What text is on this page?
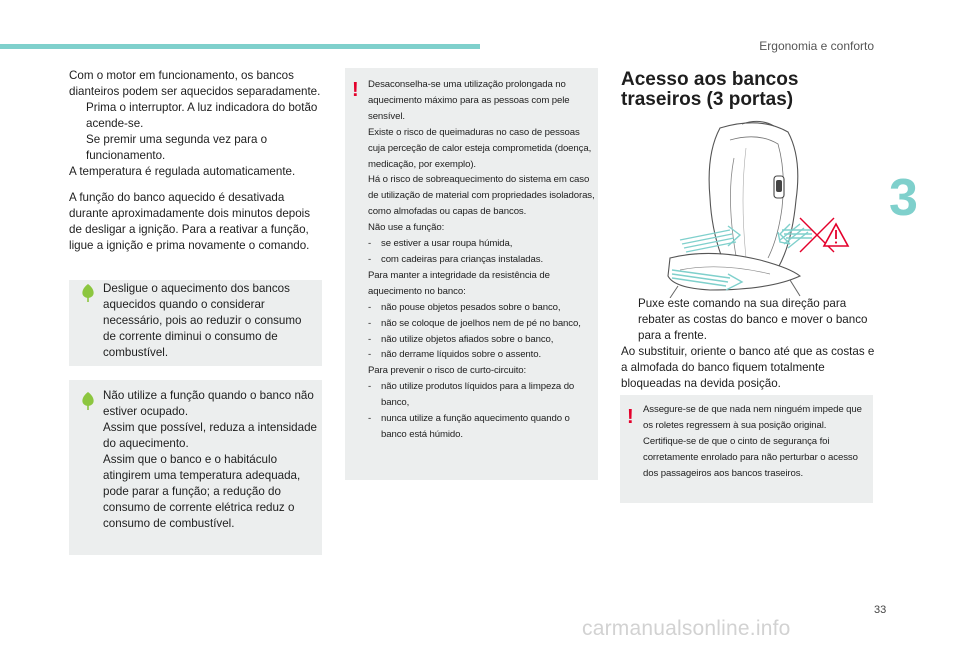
Ergonomia e conforto
3

Com o motor em funcionamento, os bancos dianteiros podem ser aquecidos separadamente.

Prima o interruptor. A luz indicadora do botão acende-se.
Se premir uma segunda vez para o funcionamento.

A temperatura é regulada automaticamente.

A função do banco aquecido é desativada durante aproximadamente dois minutos depois de desligar a ignição. Para a reativar a função, ligue a ignição e prima novamente o comando.

Desligue o aquecimento dos bancos aquecidos quando o considerar necessário, pois ao reduzir o consumo de corrente diminui o consumo de combustível.
Não utilize a função quando o banco não estiver ocupado.
Assim que possível, reduza a intensidade do aquecimento.
Assim que o banco e o habitáculo atingirem uma temperatura adequada, pode parar a função; a redução do consumo de corrente elétrica reduz o consumo de combustível.
! Desaconselha-se uma utilização prolongada no aquecimento máximo para as pessoas com pele sensível.

Existe o risco de queimaduras no caso de pessoas cuja perceção de calor esteja comprometida (doença, medicação, por exemplo).

Há o risco de sobreaquecimento do sistema em caso de utilização de material com propriedades isoladoras, como almofadas ou capas de bancos.

Não use a função:

-	se estiver a usar roupa húmida,
-	com cadeiras para crianças instaladas.

Para manter a integridade da resistência de aquecimento no banco:

-	não pouse objetos pesados sobre o banco,
-	não se coloque de joelhos nem de pé no banco,
-	não utilize objetos afiados sobre o banco,
-	não derrame líquidos sobre o assento.

Para prevenir o risco de curto-circuito:

-	não utilize produtos líquidos para a limpeza do banco,
-	nunca utilize a função aquecimento quando o banco está húmido.
Acesso aos bancos traseiros (3 portas)
Puxe este comando na sua direção para rebater as costas do banco e mover o banco para a frente.

Ao substituir, oriente o banco até que as costas e a almofada do banco fiquem totalmente bloqueadas na devida posição.

! Assegure-se de que nada nem ninguém impede que os roletes regressem à sua posição original.

Certifique-se de que o cinto de segurança foi corretamente enrolado para não perturbar o acesso dos passageiros aos bancos traseiros.

33
carmanualsonline.info
